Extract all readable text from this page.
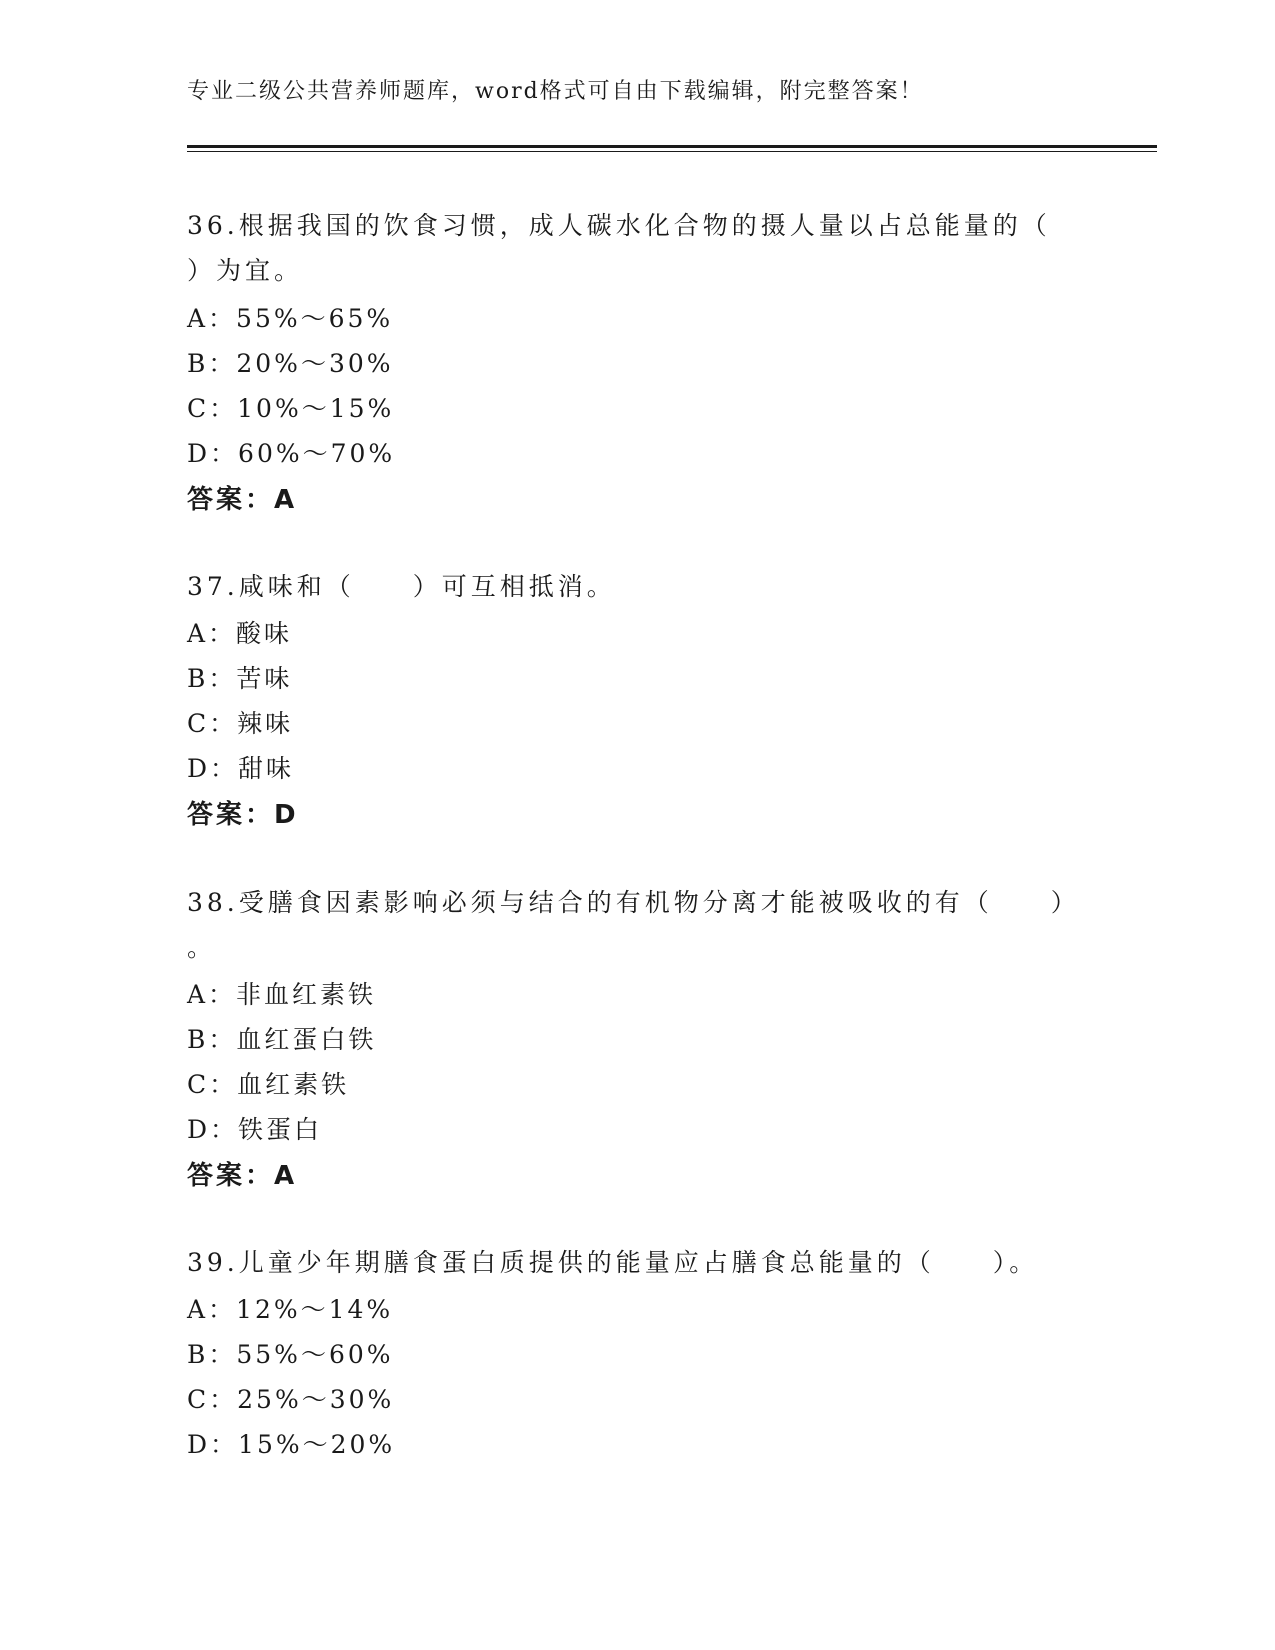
专业二级公共营养师题库，word格式可自由下载编辑，附完整答案！
36.根据我国的饮食习惯，成人碳水化合物的摄人量以占总能量的（
）为宜。
A：55%～65%
B：20%～30%
C：10%～15%
D：60%～70%
答案：A
37.咸味和（　　）可互相抵消。
A：酸味
B：苦味
C：辣味
D：甜味
答案：D
38.受膳食因素影响必须与结合的有机物分离才能被吸收的有（　　）
。
A：非血红素铁
B：血红蛋白铁
C：血红素铁
D：铁蛋白
答案：A
39.儿童少年期膳食蛋白质提供的能量应占膳食总能量的（　　）。
A：12%～14%
B：55%～60%
C：25%～30%
D：15%～20%
